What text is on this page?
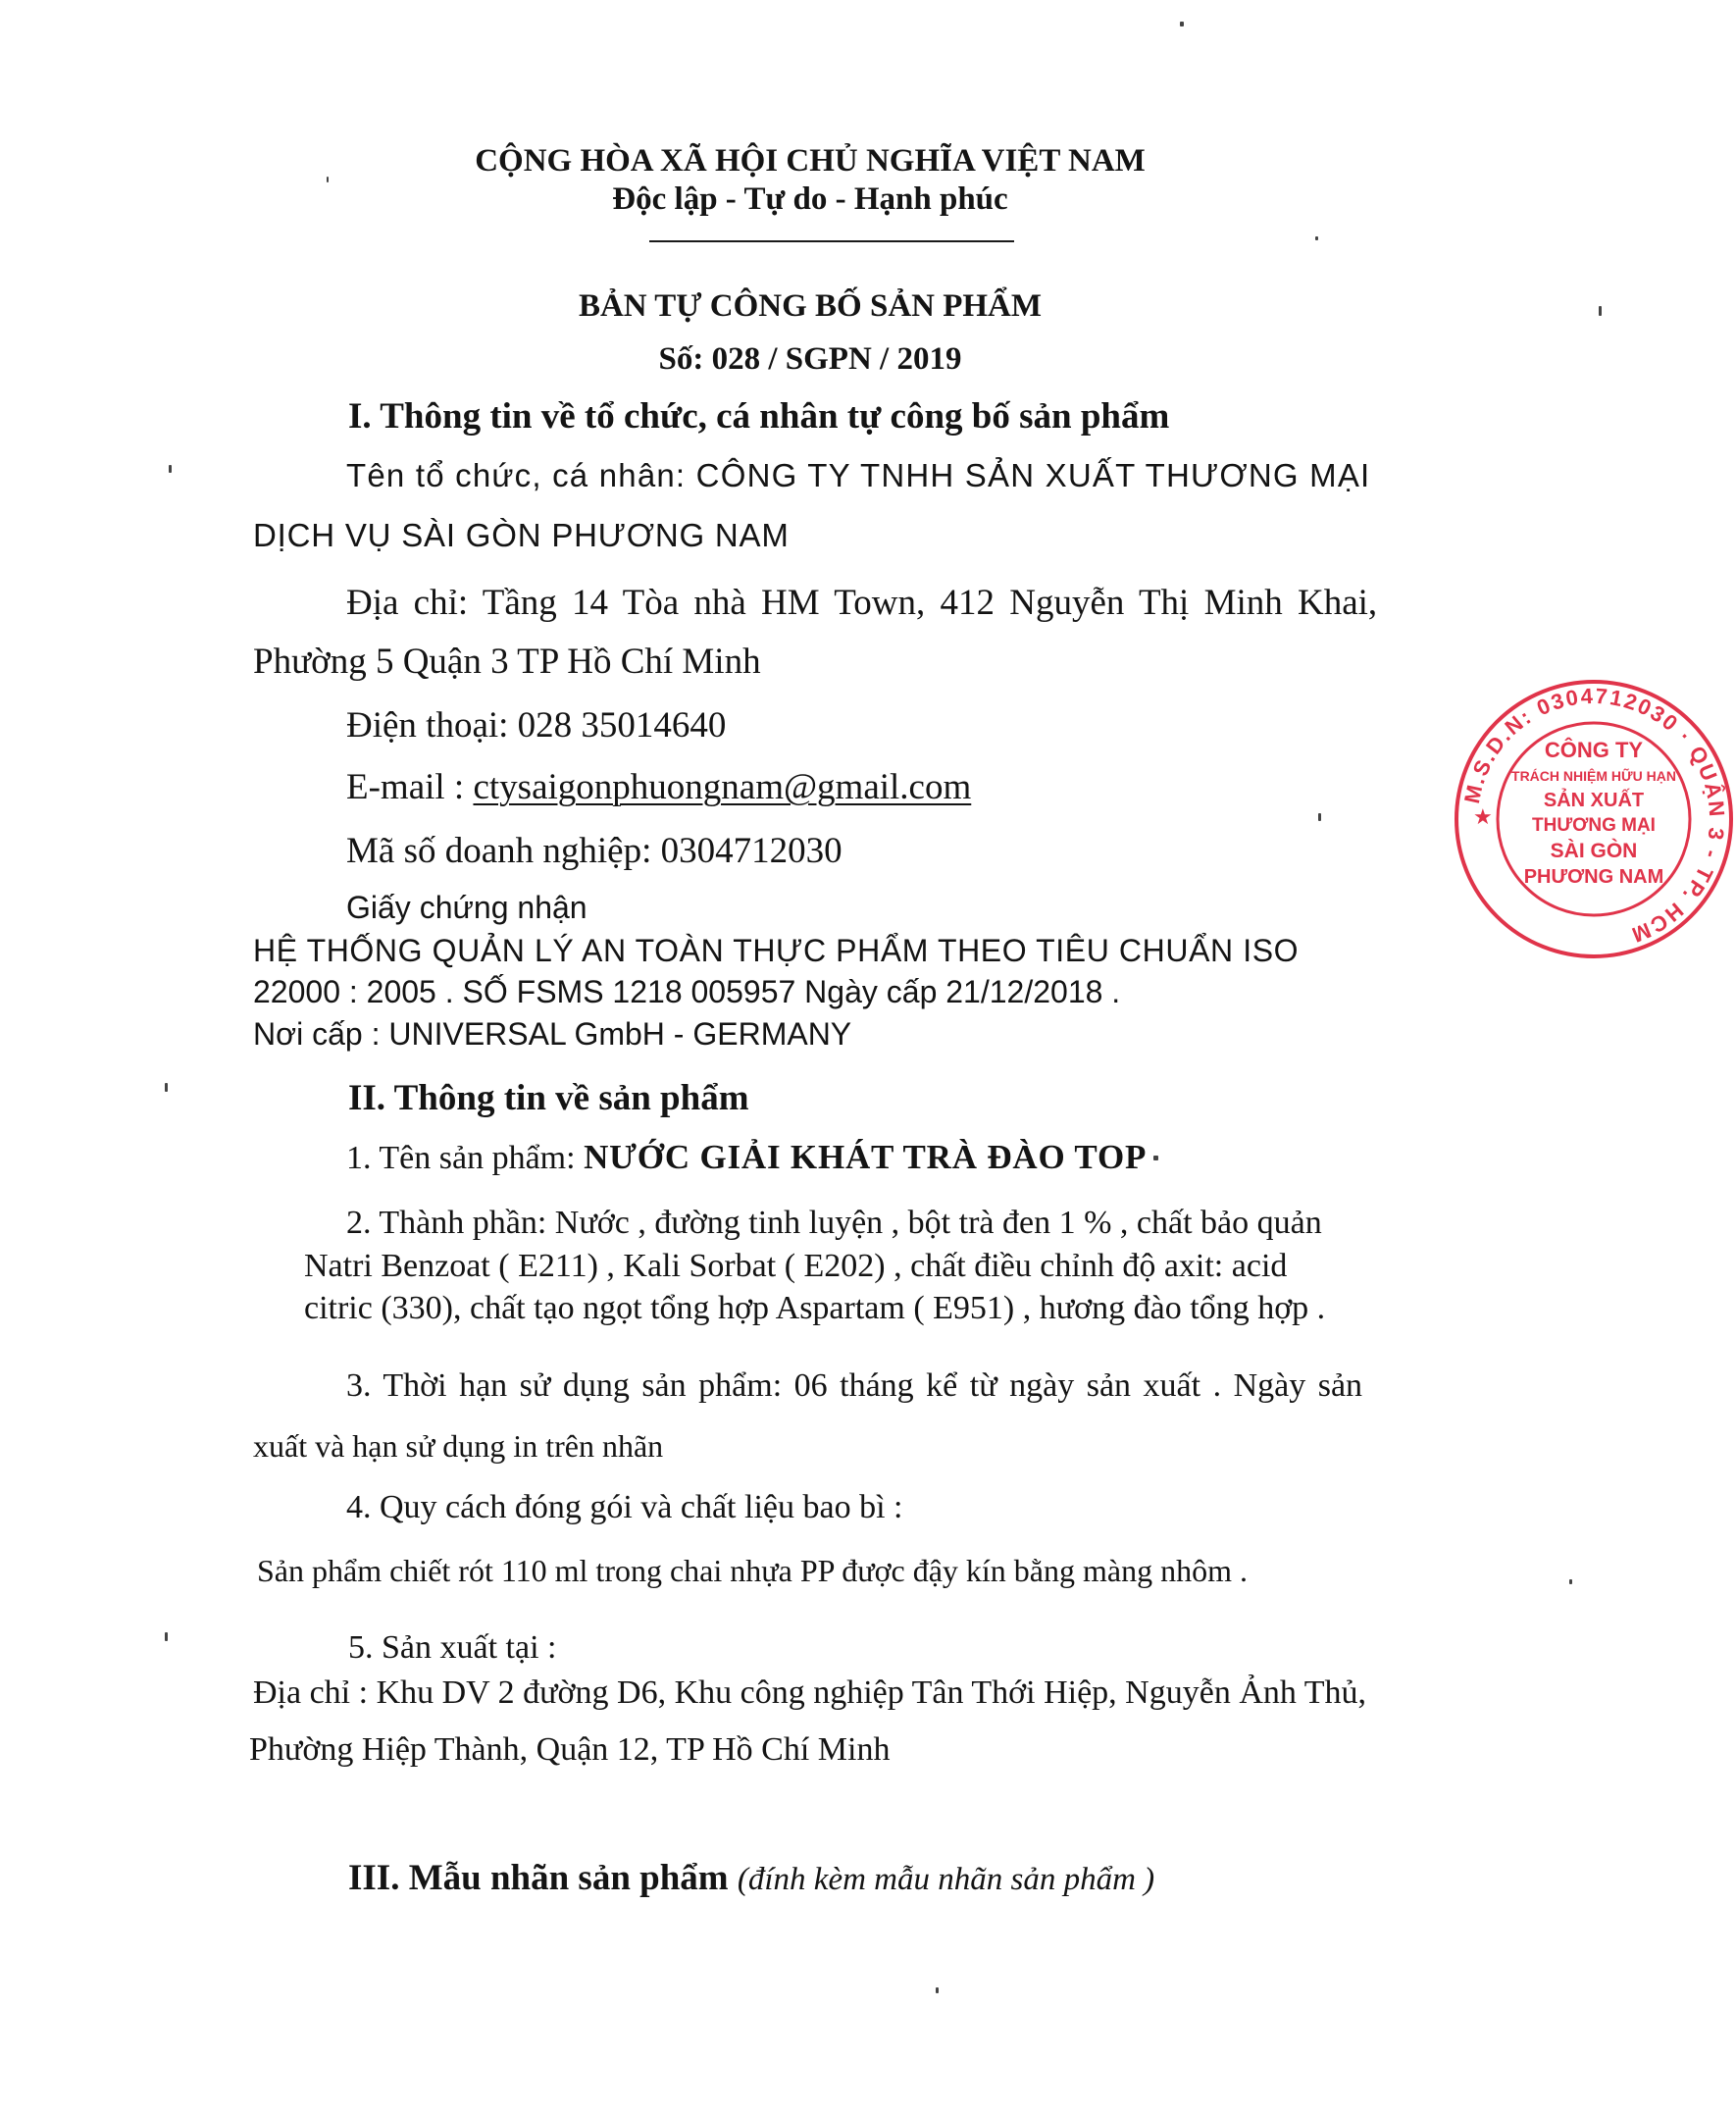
CỘNG HÒA XÃ HỘI CHỦ NGHĨA VIỆT NAM
Độc lập - Tự do - Hạnh phúc
BẢN TỰ CÔNG BỐ SẢN PHẨM
Số: 028 / SGPN / 2019
I. Thông tin về tổ chức, cá nhân tự công bố sản phẩm
Tên tổ chức, cá nhân: CÔNG TY TNHH SẢN XUẤT THƯƠNG MẠI
DỊCH VỤ SÀI GÒN PHƯƠNG NAM
Địa chỉ: Tầng 14 Tòa nhà HM Town, 412 Nguyễn Thị Minh Khai,
Phường 5 Quận 3 TP Hồ Chí Minh
Điện thoại: 028 35014640
E-mail : ctysaigonphuongnam@gmail.com
Mã số doanh nghiệp: 0304712030
Giấy chứng nhận
HỆ THỐNG QUẢN LÝ AN TOÀN THỰC PHẨM THEO TIÊU CHUẨN ISO
22000 : 2005 . SỐ FSMS 1218 005957 Ngày cấp 21/12/2018 .
Nơi cấp : UNIVERSAL GmbH - GERMANY
II. Thông tin về sản phẩm
1. Tên sản phẩm: NƯỚC GIẢI KHÁT TRÀ ĐÀO TOP
2. Thành phần: Nước , đường tinh luyện , bột trà đen 1 % , chất bảo quản
Natri Benzoat ( E211) , Kali Sorbat ( E202) , chất điều chỉnh độ axit: acid
citric (330), chất tạo ngọt tổng hợp Aspartam ( E951) , hương đào tổng hợp .
3. Thời hạn sử dụng sản phẩm: 06 tháng kể từ ngày sản xuất . Ngày sản
xuất và hạn sử dụng in trên nhãn
4. Quy cách đóng gói và chất liệu bao bì :
Sản phẩm chiết rót 110 ml trong chai nhựa PP được đậy kín bằng màng nhôm .
5. Sản xuất tại :
Địa chỉ : Khu DV 2 đường D6, Khu công nghiệp Tân Thới Hiệp, Nguyễn Ảnh Thủ,
Phường Hiệp Thành, Quận 12, TP Hồ Chí Minh
III. Mẫu nhãn sản phẩm (đính kèm mẫu nhãn sản phẩm )
M.S.D.N: 0304712030 · QUẬN 3 - TP. HCM
★
CÔNG TY
TRÁCH NHIỆM HỮU HẠN
SẢN XUẤT
THƯƠNG MẠI
SÀI GÒN
PHƯƠNG NAM
